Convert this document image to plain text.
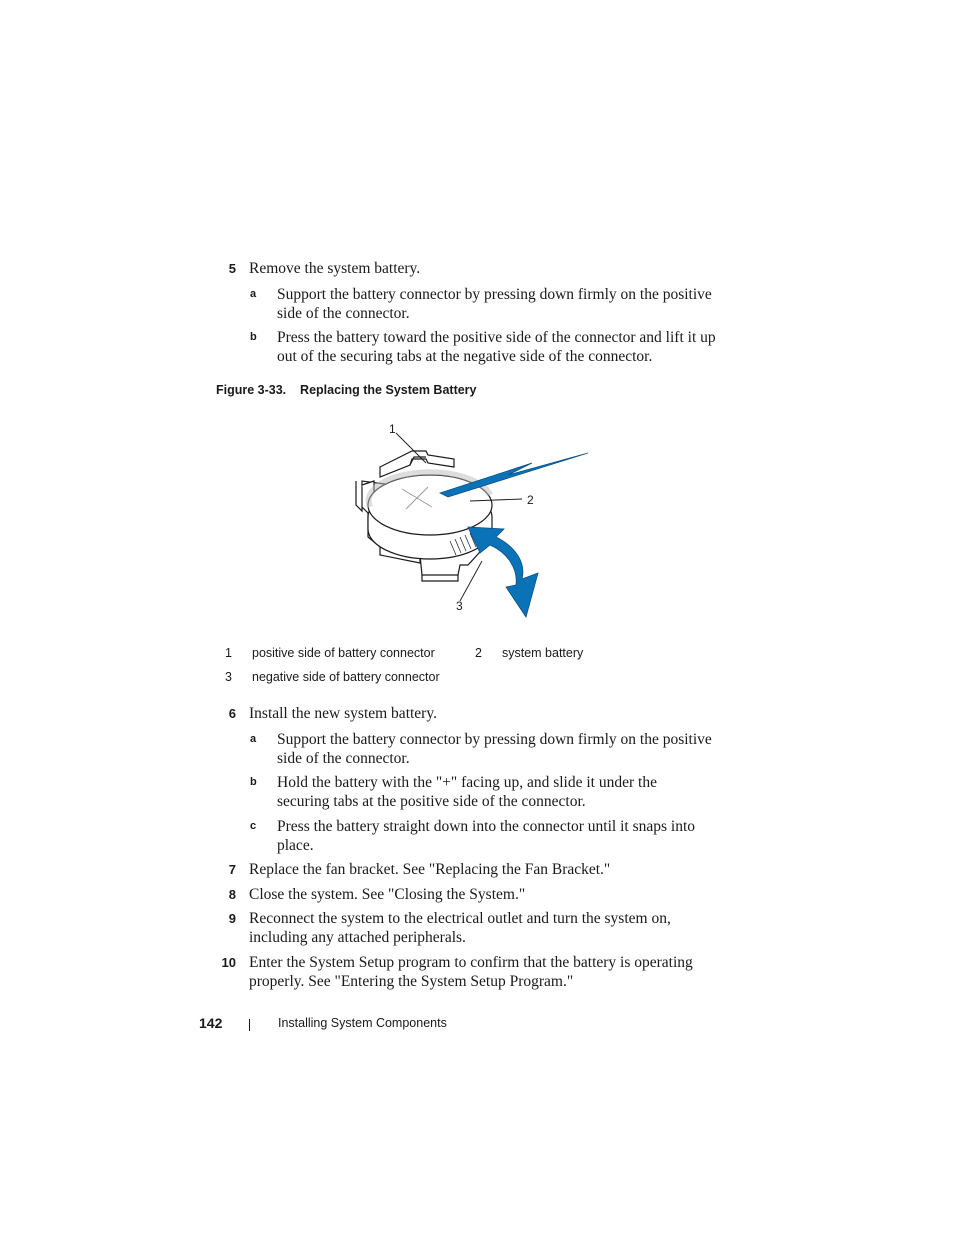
5 Remove the system battery.
a Support the battery connector by pressing down firmly on the positive side of the connector.
b Press the battery toward the positive side of the connector and lift it up out of the securing tabs at the negative side of the connector.
Figure 3-33.    Replacing the System Battery
1
2
3
1 positive side of battery connector	2 system battery
3 negative side of battery connector
6 Install the new system battery.
a Support the battery connector by pressing down firmly on the positive side of the connector.
b Hold the battery with the "+" facing up, and slide it under the securing tabs at the positive side of the connector.
c Press the battery straight down into the connector until it snaps into place.
7 Replace the fan bracket. See "Replacing the Fan Bracket."
8 Close the system. See "Closing the System."
9 Reconnect the system to the electrical outlet and turn the system on, including any attached peripherals.
10 Enter the System Setup program to confirm that the battery is operating properly. See "Entering the System Setup Program."
142	Installing System Components
